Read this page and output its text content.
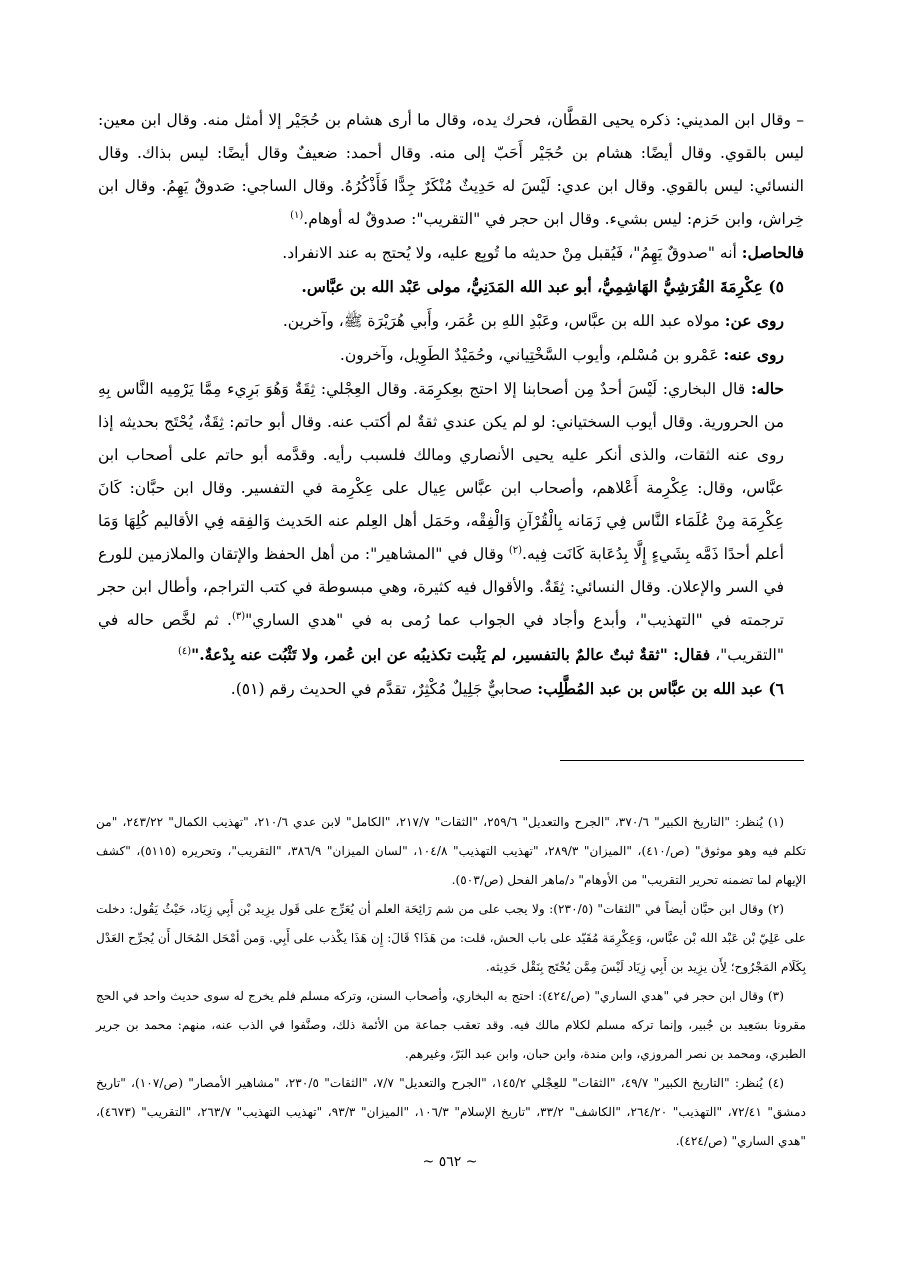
– وقال ابن المديني: ذكره يحيى القطَّان، فحرك يده، وقال ما أرى هشام بن حُجَيْر إلا أمثل منه. وقال ابن معين: ليس بالقوي. وقال أيضًا: هشام بن حُجَيْر أَحَبّ إلى منه. وقال أحمد: ضعيفٌ وقال أيضًا: ليس بذاك. وقال النسائي: ليس بالقوي. وقال ابن عدي: لَيْسَ له حَدِيثٌ مُنْكَرٌ جِدًّا فَأَذْكُرُهُ. وقال الساجي: صَدوقٌ يَهِمُ. وقال ابن خِراش، وابن حَزم: ليس بشيء. وقال ابن حجر في "التقريب": صدوقٌ له أوهام.$^{(١)}$

فالحاصل: أنه "صدوقٌ يَهِمُ"، فَيُقبل مِنْ حديثه ما تُوبِع عليه، ولا يُحتج به عند الانفراد.

٥) عِكْرِمَةَ القُرَشِيُّ الهَاشِمِيُّ، أبو عبد الله المَدَنِيُّ، مولى عَبْد الله بن عبَّاس.

روى عن: مولاه عبد الله بن عبَّاس، وعَبْدِ اللهِ بن عُمَر، وأَبي هُرَيْرَة ﷺ، وآخرين.

روى عنه: عَمْرو بن مُسْلم، وأيوب السَّخْتِياني، وحُمَيْدٌ الطَوِيل، وآخرون.

حاله: قال البخاري: لَيْسَ أحدٌ مِن أصحابنا إلا احتج بعِكرِمَة. وقال العِجْلي: ثِقَةٌ وَهُوَ بَرِيء مِمَّا يَرْمِيه النَّاس بِهِ من الحرورية. وقال أيوب السختياني: لو لم يكن عندي ثقةٌ لم أكتب عنه. وقال أبو حاتم: ثِقَةٌ، يُحْتَج بحديثه إذا روى عنه الثقات، والذى أنكر عليه يحيى الأنصاري ومالك فلسبب رأيه. وقدَّمه أبو حاتم على أصحاب ابن عبَّاس، وقال: عِكْرِمة أَعْلاهم، وأصحاب ابن عبَّاس عِيال على عِكْرِمة في التفسير. وقال ابن حبَّان: كَانَ عِكْرِمَة مِنْ عُلَمَاء النَّاس فِي زَمَانه بِالْقُرْآنِ وَالْفِقْه، وحَمَل أهل العِلم عنه الحَديث وَالفِقه فِي الأقاليم كُلِهَا وَمَا أعلم أحدًا ذَمَّه بِشَيءٍ إِلَّا بِدُعَابة كَانَت فِيه.$^{(٢)}$ وقال في "المشاهير": من أهل الحفظ والإتقان والملازمين للورع في السر والإعلان. وقال النسائي: ثِقَةٌ. والأقوال فيه كثيرة، وهي مبسوطة في كتب التراجم، وأطال ابن حجر ترجمته في "التهذيب"، وأبدع وأجاد في الجواب عما رُمى به في "هدي الساري"$^{(٣)}$. ثم لخَّص حاله في "التقريب"، فقال: "ثقةٌ ثبتٌ عالمٌ بالتفسير، لم يَثْبت تكذيبُه عن ابن عُمر، ولا تَثْبُت عنه بِدْعةٌ."$^{(٤)}$

٦) عبد الله بن عبَّاس بن عبد المُطَّلِب: صحابيٌّ جَلِيلٌ مُكْثِرٌ، تقدَّم في الحديث رقم (٥١).

(١) يُنظر: "التاريخ الكبير" ٣٧٠/٦، "الجرح والتعديل" ٢٥٩/٦، "الثقات" ٢١٧/٧، "الكامل" لابن عدي ٢١٠/٦، "تهذيب الكمال" ٢٤٣/٢٢، "من تكلم فيه وهو موثوق" (ص/٤١٠)، "الميزان" ٢٨٩/٣، "تهذيب التهذيب" ١٠٤/٨، "لسان الميزان" ٣٨٦/٩، "التقريب"، وتحريره (٥١١٥)، "كشف الإيهام لما تضمنه تحرير التقريب" من الأوهام" د/ماهر الفحل (ص/٥٠٣).

(٢) وقال ابن حبَّان أيضاً في "الثقات" (٢٣٠/٥): ولا يجب على من شم رَائِحَة العلم أن يُعَرِّج على قَول يزِيد بْن أَبِي زِيَاد، حَيْثُ يَقُول: دخلت على عَلِيّ بْن عَبْد الله بْن عبَّاس، وَعِكْرِمَة مُقَيّد على باب الحش، قلت: من هَذَا؟ قَالَ: إِن هَذَا يكْذب على أَبِي. وَمن أمْحَل المُحَال أَن يُجرِّح العَدْل بِكَلَام المَجْرُوح؛ لِأَن يزِيد بن أَبِي زِيَاد لَيْسَ مِمَّن يُحْتَج بِنَقْل حَدِيثه.

(٣) وقال ابن حجر في "هدي الساري" (ص/٤٢٤): احتج به البخاري، وأصحاب السنن، وتركه مسلم فلم يخرج له سوى حديث واحد في الحج مقرونا بسَعِيد بن جُبير، وإنما تركه مسلم لكلام مالك فيه. وقد تعقب جماعة من الأئمة ذلك، وصنَّفوا في الذب عنه، منهم: محمد بن جرير الطبري، ومحمد بن نصر المروزي، وابن مندة، وابن حبان، وابن عبد البَرّ، وغيرهم.

(٤) يُنظر: "التاريخ الكبير" ٤٩/٧، "الثقات" للعِجْلي ١٤٥/٢، "الجرح والتعديل" ٧/٧، "الثقات" ٢٣٠/٥، "مشاهير الأمصار" (ص/١٠٧)، "تاريخ دمشق" ٧٢/٤١، "التهذيب" ٢٦٤/٢٠، "الكاشف" ٣٣/٢، "تاريخ الإسلام" ١٠٦/٣، "الميزان" ٩٣/٣، "تهذيب التهذيب" ٢٦٣/٧، "التقريب" (٤٦٧٣)، "هدي الساري" (ص/٤٢٤).

~ ٥٦٢ ~
